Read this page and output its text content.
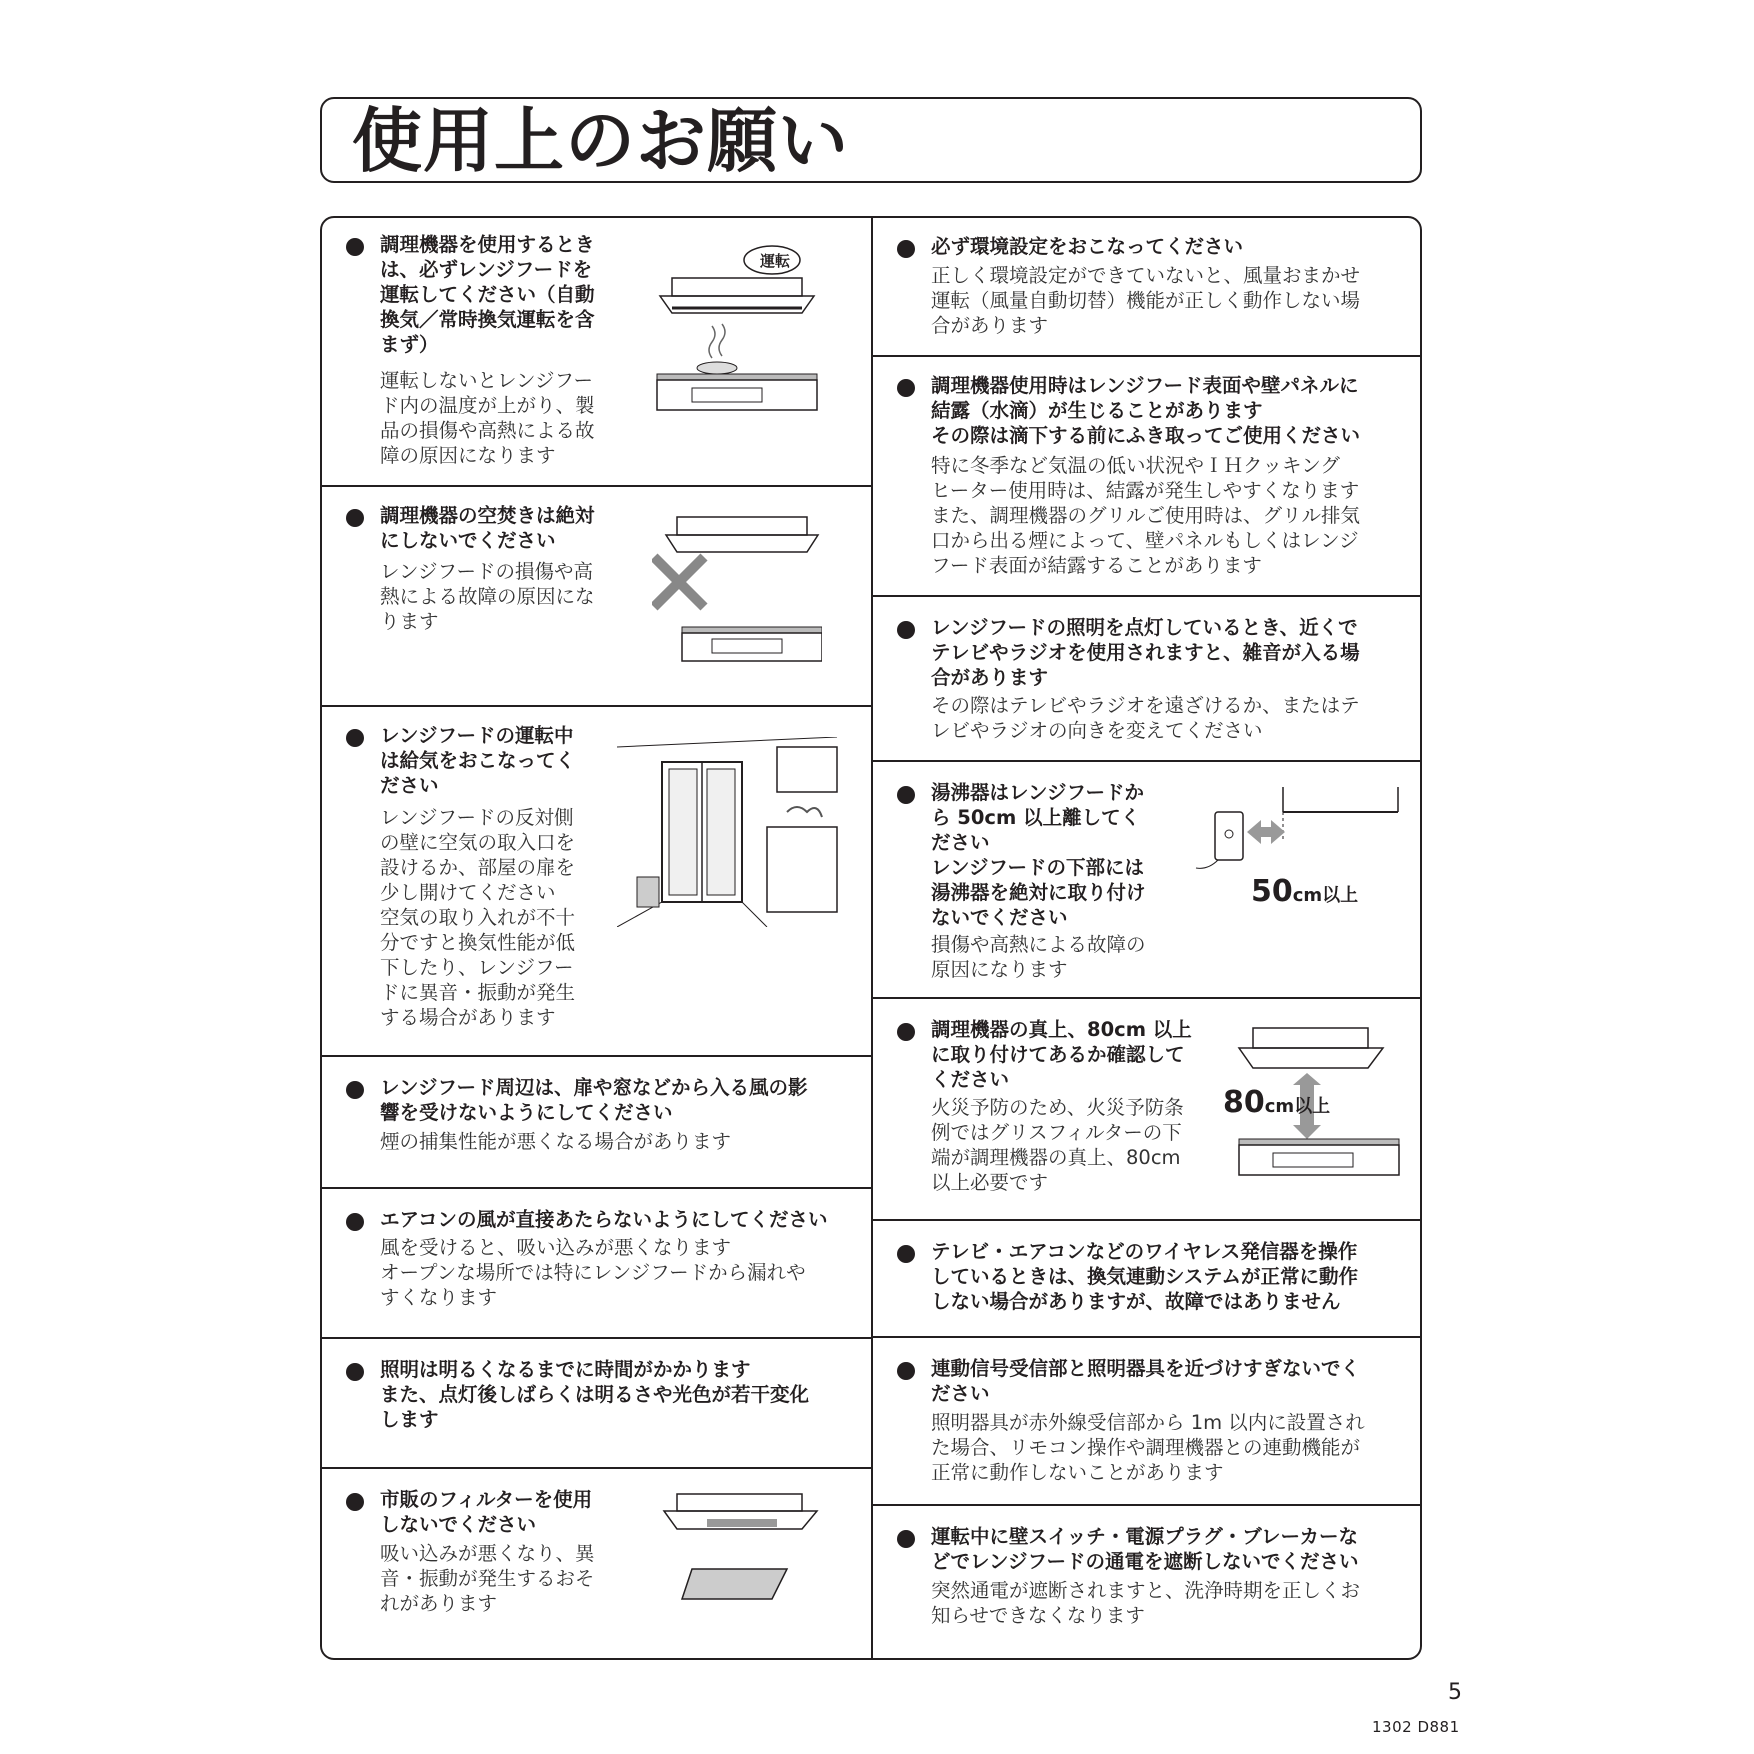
使用上のお願い
調理機器を使用するとき
は、必ずレンジフードを
運転してください（自動
換気／常時換気運転を含
まず）
運転しないとレンジフー
ド内の温度が上がり、製
品の損傷や高熱による故
障の原因になります
運転
調理機器の空焚きは絶対
にしないでください
レンジフードの損傷や高
熱による故障の原因にな
ります
レンジフードの運転中
は給気をおこなってく
ださい
レンジフードの反対側
の壁に空気の取入口を
設けるか、部屋の扉を
少し開けてください
空気の取り入れが不十
分ですと換気性能が低
下したり、レンジフー
ドに異音・振動が発生
する場合があります
レンジフード周辺は、扉や窓などから入る風の影
響を受けないようにしてください
煙の捕集性能が悪くなる場合があります
エアコンの風が直接あたらないようにしてください
風を受けると、吸い込みが悪くなります
オープンな場所では特にレンジフードから漏れや
すくなります
照明は明るくなるまでに時間がかかります
また、点灯後しばらくは明るさや光色が若干変化
します
市販のフィルターを使用
しないでください
吸い込みが悪くなり、異
音・振動が発生するおそ
れがあります
必ず環境設定をおこなってください
正しく環境設定ができていないと、風量おまかせ
運転（風量自動切替）機能が正しく動作しない場
合があります
調理機器使用時はレンジフード表面や壁パネルに
結露（水滴）が生じることがあります
その際は滴下する前にふき取ってご使用ください
特に冬季など気温の低い状況やＩＨクッキング
ヒーター使用時は、結露が発生しやすくなります
また、調理機器のグリルご使用時は、グリル排気
口から出る煙によって、壁パネルもしくはレンジ
フード表面が結露することがあります
レンジフードの照明を点灯しているとき、近くで
テレビやラジオを使用されますと、雑音が入る場
合があります
その際はテレビやラジオを遠ざけるか、またはテ
レビやラジオの向きを変えてください
湯沸器はレンジフードか
ら 50cm 以上離してく
ださい
レンジフードの下部には
湯沸器を絶対に取り付け
ないでください
損傷や高熱による故障の
原因になります
50cm以上
調理機器の真上、80cm 以上
に取り付けてあるか確認して
ください
火災予防のため、火災予防条
例ではグリスフィルターの下
端が調理機器の真上、80cm
以上必要です
80cm以上
テレビ・エアコンなどのワイヤレス発信器を操作
しているときは、換気連動システムが正常に動作
しない場合がありますが、故障ではありません
連動信号受信部と照明器具を近づけすぎないでく
ださい
照明器具が赤外線受信部から 1m 以内に設置され
た場合、リモコン操作や調理機器との連動機能が
正常に動作しないことがあります
運転中に壁スイッチ・電源プラグ・ブレーカーな
どでレンジフードの通電を遮断しないでください
突然通電が遮断されますと、洗浄時期を正しくお
知らせできなくなります
5
1302 D881
